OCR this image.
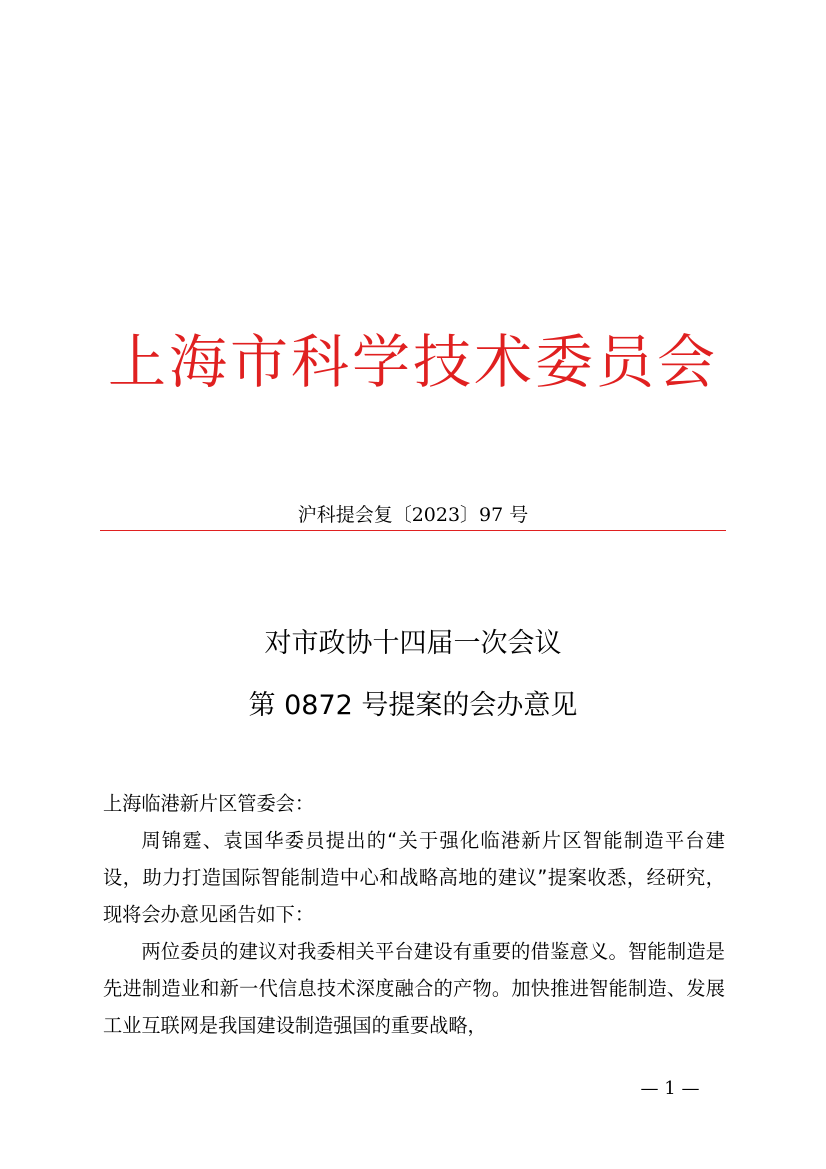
上海市科学技术委员会
沪科提会复〔2023〕97 号
对市政协十四届一次会议
第 0872 号提案的会办意见

上海临港新片区管委会：

周锦霆、袁国华委员提出的“关于强化临港新片区智能制造平台建设，助力打造国际智能制造中心和战略高地的建议”提案收悉，经研究，现将会办意见函告如下：

两位委员的建议对我委相关平台建设有重要的借鉴意义。智能制造是先进制造业和新一代信息技术深度融合的产物。加快推进智能制造、发展工业互联网是我国建设制造强国的重要战略，

— 1 —
